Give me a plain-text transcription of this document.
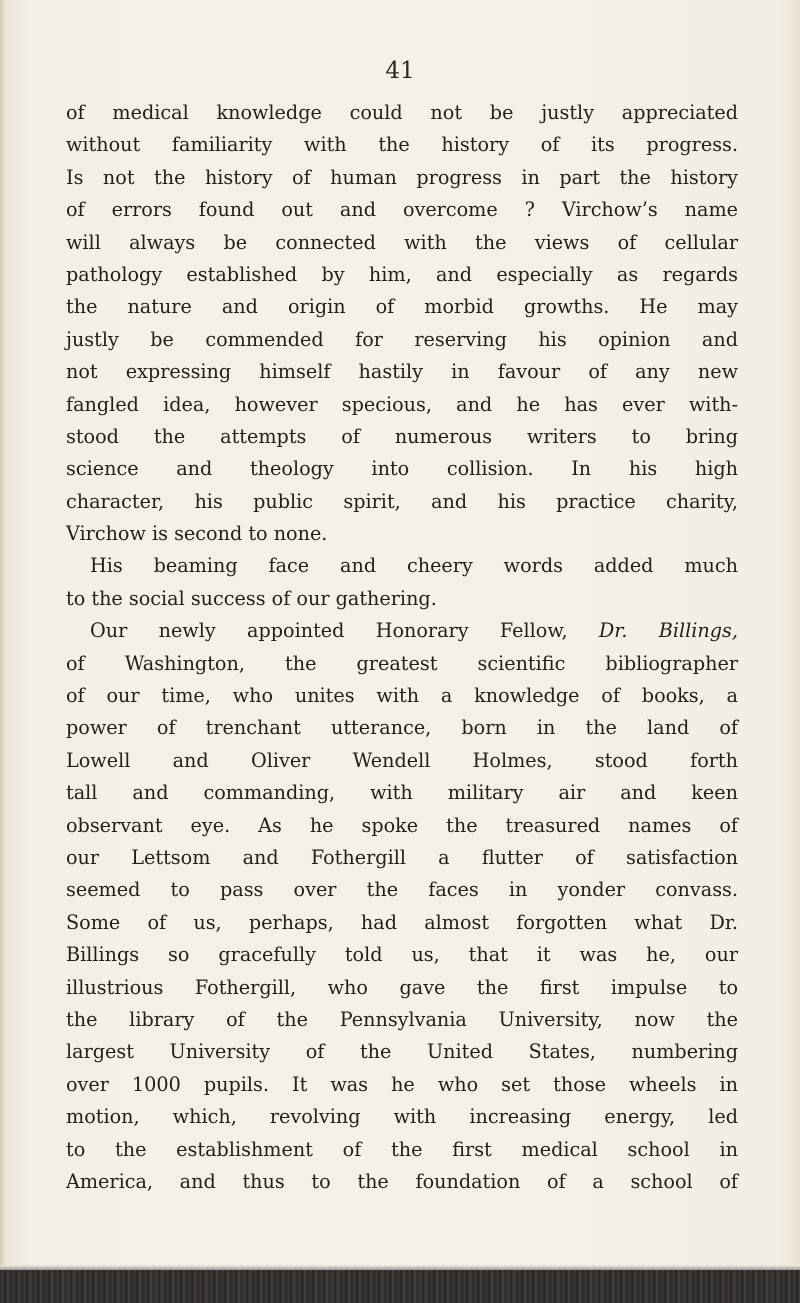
41
of medical knowledge could not be justly appreciated
without familiarity with the history of its progress.
Is not the history of human progress in part the history
of errors found out and overcome ? Virchow’s name
will always be connected with the views of cellular
pathology established by him, and especially as regards
the nature and origin of morbid growths. He may
justly be commended for reserving his opinion and
not expressing himself hastily in favour of any new
fangled idea, however specious, and he has ever with-
stood the attempts of numerous writers to bring
science and theology into collision. In his high
character, his public spirit, and his practice charity,
Virchow is second to none.
His beaming face and cheery words added much
to the social success of our gathering.
Our newly appointed Honorary Fellow, Dr. Billings,
of Washington, the greatest scientific bibliographer
of our time, who unites with a knowledge of books, a
power of trenchant utterance, born in the land of
Lowell and Oliver Wendell Holmes, stood forth
tall and commanding, with military air and keen
observant eye. As he spoke the treasured names of
our Lettsom and Fothergill a flutter of satisfaction
seemed to pass over the faces in yonder convass.
Some of us, perhaps, had almost forgotten what Dr.
Billings so gracefully told us, that it was he, our
illustrious Fothergill, who gave the first impulse to
the library of the Pennsylvania University, now the
largest University of the United States, numbering
over 1000 pupils. It was he who set those wheels in
motion, which, revolving with increasing energy, led
to the establishment of the first medical school in
America, and thus to the foundation of a school of
